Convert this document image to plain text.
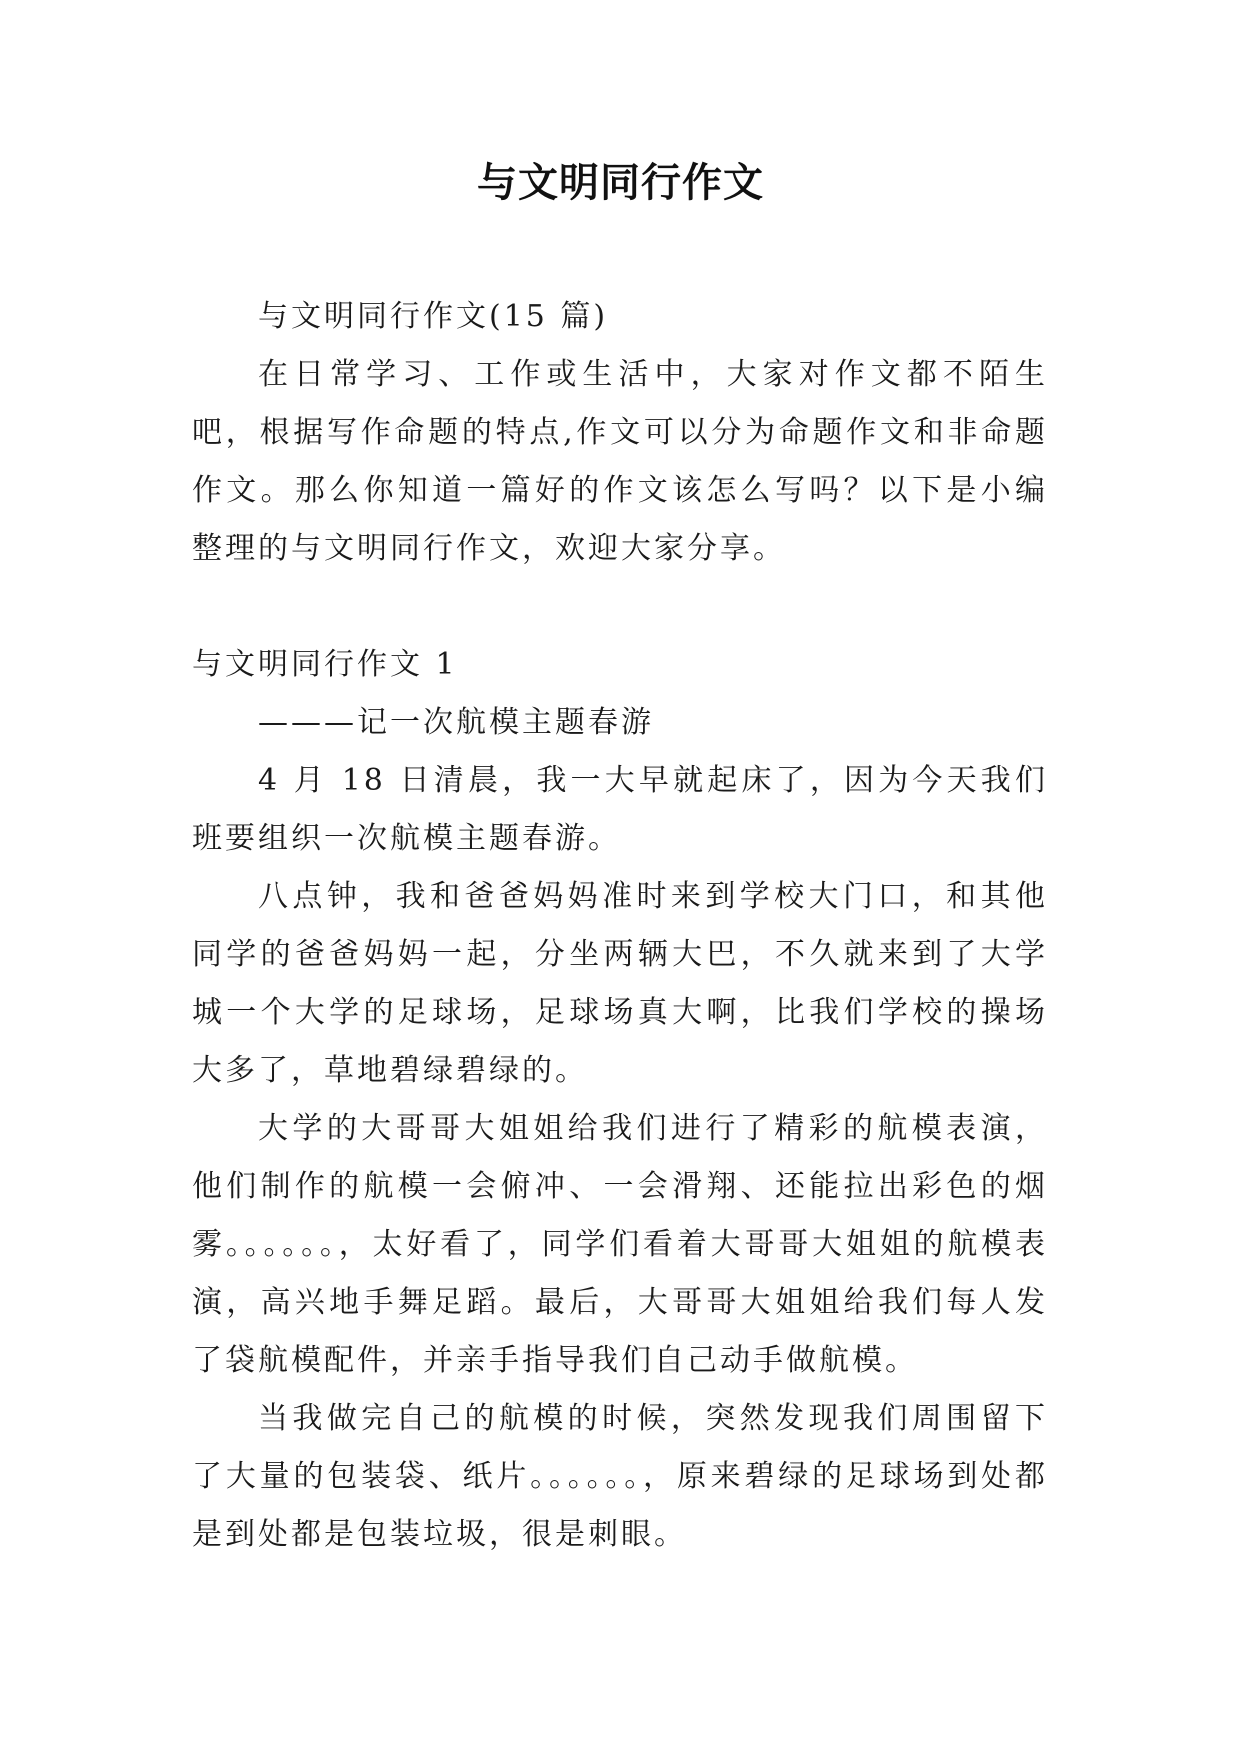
与文明同行作文

与文明同行作文(15 篇)

在日常学习、工作或生活中，大家对作文都不陌生吧，根据写作命题的特点,作文可以分为命题作文和非命题作文。那么你知道一篇好的作文该怎么写吗？以下是小编整理的与文明同行作文，欢迎大家分享。

与文明同行作文 1

———记一次航模主题春游

4 月 18 日清晨，我一大早就起床了，因为今天我们班要组织一次航模主题春游。

八点钟，我和爸爸妈妈准时来到学校大门口，和其他同学的爸爸妈妈一起，分坐两辆大巴，不久就来到了大学城一个大学的足球场，足球场真大啊，比我们学校的操场大多了，草地碧绿碧绿的。

大学的大哥哥大姐姐给我们进行了精彩的航模表演，他们制作的航模一会俯冲、一会滑翔、还能拉出彩色的烟雾。。。。。。，太好看了，同学们看着大哥哥大姐姐的航模表演，高兴地手舞足蹈。最后，大哥哥大姐姐给我们每人发了袋航模配件，并亲手指导我们自己动手做航模。

当我做完自己的航模的时候，突然发现我们周围留下了大量的包装袋、纸片。。。。。。，原来碧绿的足球场到处都是到处都是包装垃圾，很是刺眼。
